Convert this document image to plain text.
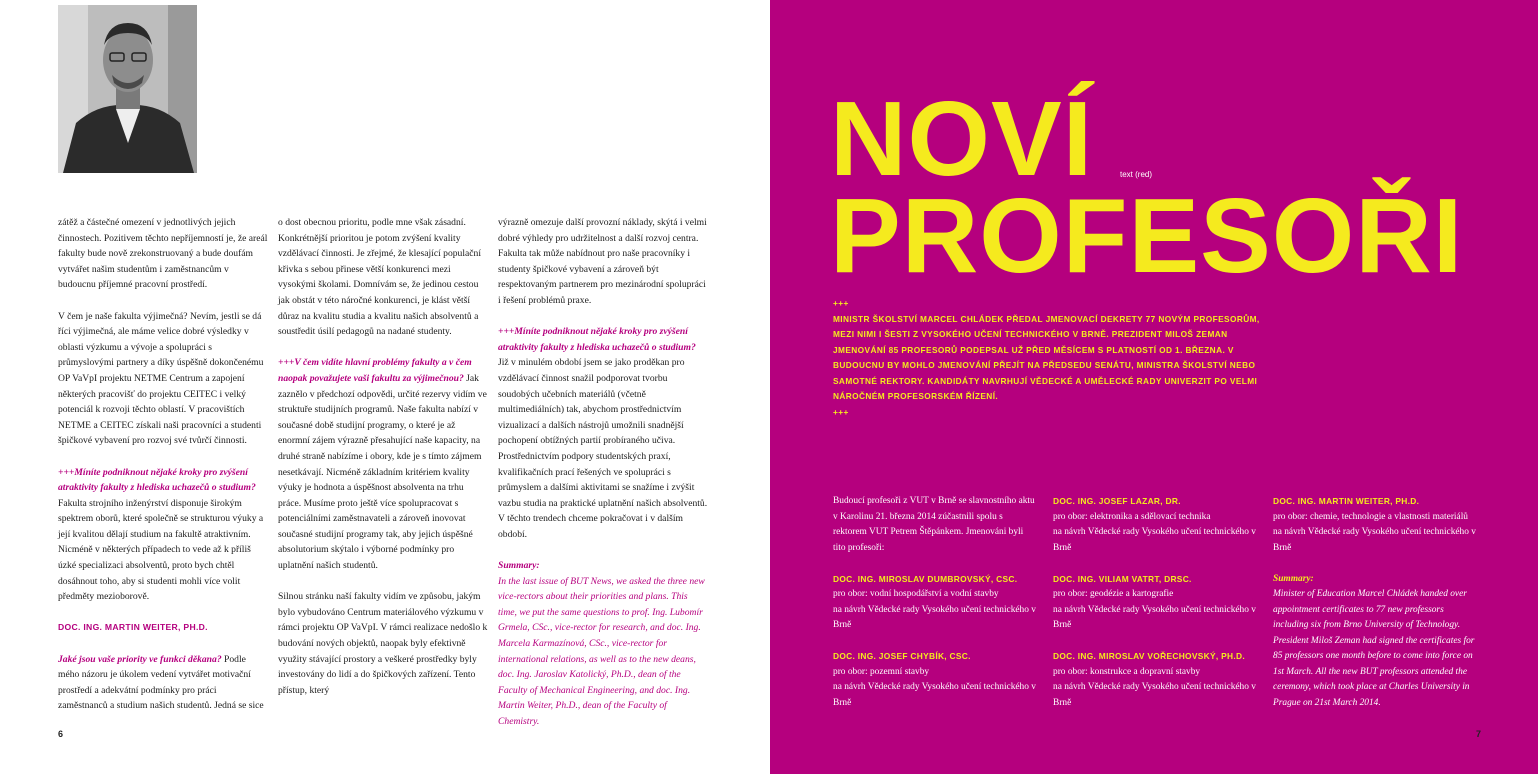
zátěž a částečné omezení v jednotlivých jejich činnostech. Pozitivem těchto nepříjemností je, že areál fakulty bude nově zrekonstruovaný a bude doufám vytvářet našim studentům i zaměstnancům v budoucnu příjemné pracovní prostředí.

V čem je naše fakulta výjimečná? Nevím, jestli se dá říci výjimečná, ale máme velice dobré výsledky v oblasti výzkumu a vývoje a spolupráci s průmyslovými partnery a díky úspěšně dokončenému OP VaVpI projektu NETME Centrum a zapojení některých pracovišť do projektu CEITEC i velký potenciál k rozvoji těchto oblastí. V pracovištích NETME a CEITEC získali naši pracovníci a studenti špičkové vybavení pro rozvoj své tvůrčí činnosti.

+++Míníte podniknout nějaké kroky pro zvýšení atraktivity fakulty z hlediska uchazečů o studium? Fakulta strojního inženýrství disponuje širokým spektrem oborů, které společně se strukturou výuky a její kvalitou dělají studium na fakultě atraktivním. Nicméně v některých případech to vede až k příliš úzké specializaci absolventů, proto bych chtěl dosáhnout toho, aby si studenti mohli více volit předměty mezioborově.

DOC. ING. MARTIN WEITER, PH.D.

Jaké jsou vaše priority ve funkci děkana? Podle mého názoru je úkolem vedení vytvářet motivační prostředí a adekvátní podmínky pro práci zaměstnanců a studium našich studentů. Jedná se sice

o dost obecnou prioritu, podle mne však zásadní. Konkrétnější prioritou je potom zvýšení kvality vzdělávací činnosti. Je zřejmé, že klesající populační křivka s sebou přinese větší konkurenci mezi vysokými školami. Domnívám se, že jedinou cestou jak obstát v této náročné konkurenci, je klást větší důraz na kvalitu studia a kvalitu našich absolventů a soustředit úsilí pedagogů na nadané studenty.

+++V čem vidíte hlavní problémy fakulty a v čem naopak považujete vaši fakultu za výjimečnou? Jak zaznělo v předchozí odpovědi, určité rezervy vidím ve struktuře studijních programů. Naše fakulta nabízí v současné době studijní programy, o které je až enormní zájem výrazně přesahující naše kapacity, na druhé straně nabízíme i obory, kde je s tímto zájmem nesetkávají. Nicméně základním kritériem kvality výuky je hodnota a úspěšnost absolventa na trhu práce. Musíme proto ještě více spolupracovat s potenciálními zaměstnavateli a zároveň inovovat současné studijní programy tak, aby jejich úspěšné absolutorium skýtalo i výborné podmínky pro uplatnění našich studentů.

Silnou stránku naší fakulty vidím ve způsobu, jakým bylo vybudováno Centrum materiálového výzkumu v rámci projektu OP VaVpI. V rámci realizace nedošlo k budování nových objektů, naopak byly efektivně využity stávající prostory a veškeré prostředky byly investovány do lidí a do špičkových zařízení. Tento přístup, který

výrazně omezuje další provozní náklady, skýtá i velmi dobré výhledy pro udržitelnost a další rozvoj centra. Fakulta tak může nabídnout pro naše pracovníky i studenty špičkové vybavení a zároveň být respektovaným partnerem pro mezinárodní spolupráci i řešení problémů praxe.

+++Míníte podniknout nějaké kroky pro zvýšení atraktivity fakulty z hlediska uchazečů o studium? Již v minulém období jsem se jako proděkan pro vzdělávací činnost snažil podporovat tvorbu soudobých učebních materiálů (včetně multimediálních) tak, abychom prostřednictvím vizualizací a dalších nástrojů umožnili snadnější pochopení obtížných partií probíraného učiva. Prostřednictvím podpory studentských praxí, kvalifikačních prací řešených ve spolupráci s průmyslem a dalšími aktivitami se snažíme i zvýšit vazbu studia na praktické uplatnění našich absolventů. V těchto trendech chceme pokračovat i v dalším období.

Summary:
In the last issue of BUT News, we asked the three new vice-rectors about their priorities and plans. This time, we put the same questions to prof. Ing. Lubomír Grmela, CSc., vice-rector for research, and doc. Ing. Marcela Karmazínová, CSc., vice-rector for international relations, as well as to the new deans, doc. Ing. Jaroslav Katolický, Ph.D., dean of the Faculty of Mechanical Engineering, and doc. Ing. Martin Weiter, Ph.D., dean of the Faculty of Chemistry.

6
NOVÍ	text (red)
PROFESOŘI
+++
MINISTR ŠKOLSTVÍ MARCEL CHLÁDEK PŘEDAL JMENOVACÍ DEKRETY 77 NOVÝM PROFESORŮM, MEZI NIMI I ŠESTI Z VYSOKÉHO UČENÍ TECHNICKÉHO V BRNĚ. PREZIDENT MILOŠ ZEMAN JMENOVÁNÍ 85 PROFESORŮ PODEPSAL UŽ PŘED MĚSÍCEM S PLATNOSTÍ OD 1. BŘEZNA. V BUDOUCNU BY MOHLO JMENOVÁNÍ PŘEJÍT NA PŘEDSEDU SENÁTU, MINISTRA ŠKOLSTVÍ NEBO SAMOTNÉ REKTORY. KANDIDÁTY NAVRHUJÍ VĚDECKÉ A UMĚLECKÉ RADY UNIVERZIT PO VELMI NÁROČNÉM PROFESORSKÉM ŘÍZENÍ.
+++
Budoucí profesoři z VUT v Brně se slavnostního aktu v Karolinu 21. března 2014 zúčastnili spolu s rektorem VUT Petrem Štěpánkem. Jmenováni byli tito profesoři:
DOC. ING. MIROSLAV DUMBROVSKÝ, CSC.
pro obor: vodní hospodářství a vodní stavby
na návrh Vědecké rady Vysokého učení technického v Brně
DOC. ING. JOSEF CHYBÍK, CSC.
pro obor: pozemní stavby
na návrh Vědecké rady Vysokého učení technického v Brně
DOC. ING. JOSEF LAZAR, DR.
pro obor: elektronika a sdělovací technika
na návrh Vědecké rady Vysokého učení technického v Brně
DOC. ING. VILIAM VATRT, DRSC.
pro obor: geodézie a kartografie
na návrh Vědecké rady Vysokého učení technického v Brně
DOC. ING. MIROSLAV VOŘECHOVSKÝ, PH.D.
pro obor: konstrukce a dopravní stavby
na návrh Vědecké rady Vysokého učení technického v Brně
DOC. ING. MARTIN WEITER, PH.D.
pro obor: chemie, technologie a vlastnosti materiálů
na návrh Vědecké rady Vysokého učení technického v Brně
Summary:
Minister of Education Marcel Chládek handed over appointment certificates to 77 new professors including six from Brno University of Technology. President Miloš Zeman had signed the certificates for 85 professors one month before to come into force on 1st March. All the new BUT professors attended the ceremony, which took place at Charles University in Prague on 21st March 2014.
7
